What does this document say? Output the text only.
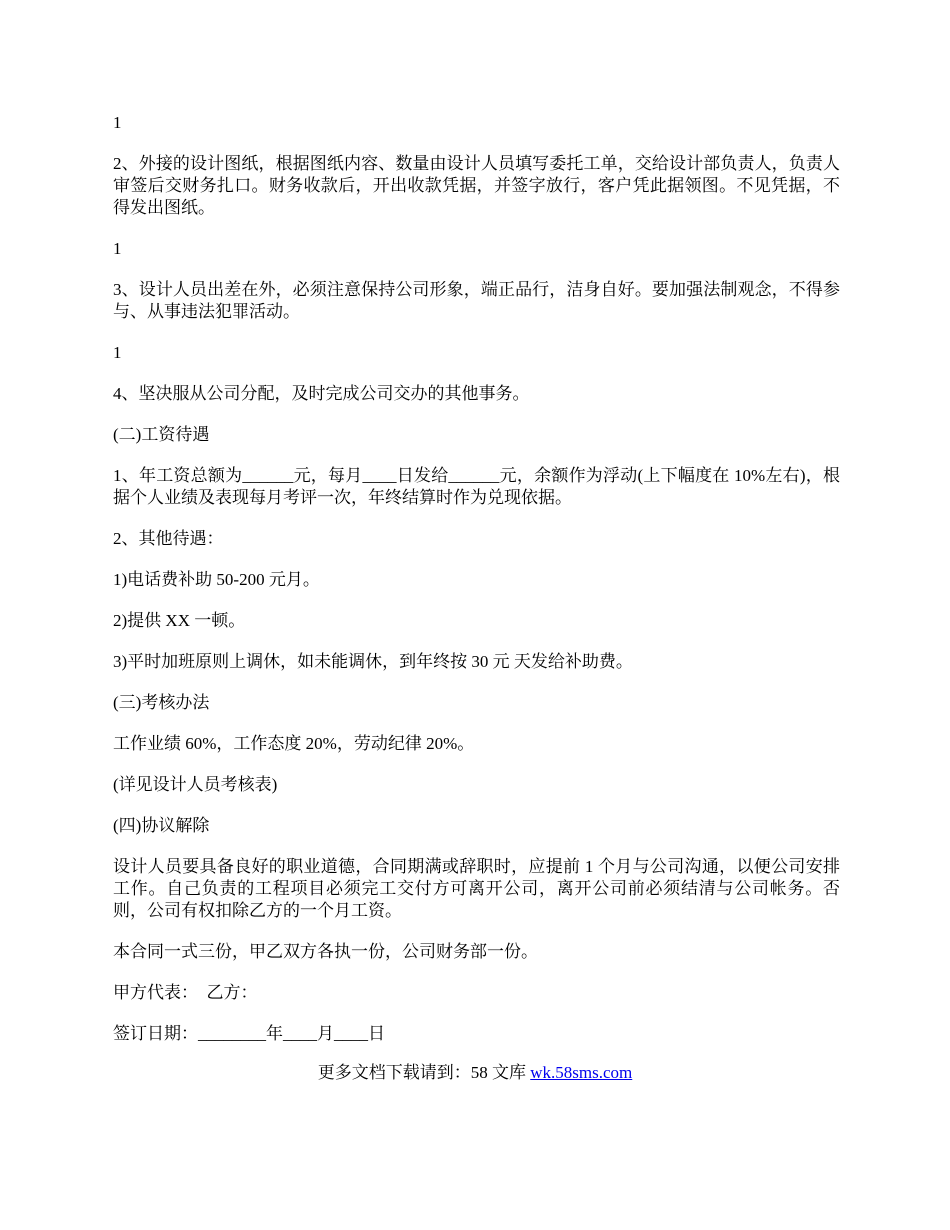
1

2、外接的设计图纸，根据图纸内容、数量由设计人员填写委托工单，交给设计部负责人，负责人审签后交财务扎口。财务收款后，开出收款凭据，并签字放行，客户凭此据领图。不见凭据，不得发出图纸。

1

3、设计人员出差在外，必须注意保持公司形象，端正品行，洁身自好。要加强法制观念，不得参与、从事违法犯罪活动。

1

4、坚决服从公司分配，及时完成公司交办的其他事务。

(二)工资待遇

1、年工资总额为______元，每月____日发给______元，余额作为浮动(上下幅度在 10%左右)，根据个人业绩及表现每月考评一次，年终结算时作为兑现依据。

2、其他待遇：

1)电话费补助 50-200 元月。

2)提供 XX 一顿。

3)平时加班原则上调休，如未能调休，到年终按 30 元 天发给补助费。

(三)考核办法

工作业绩 60%，工作态度 20%，劳动纪律 20%。

(详见设计人员考核表)

(四)协议解除

设计人员要具备良好的职业道德，合同期满或辞职时，应提前 1 个月与公司沟通，以便公司安排工作。自己负责的工程项目必须完工交付方可离开公司，离开公司前必须结清与公司帐务。否则，公司有权扣除乙方的一个月工资。

本合同一式三份，甲乙双方各执一份，公司财务部一份。

甲方代表：  乙方：

签订日期：________年____月____日

更多文档下载请到：58 文库 wk.58sms.com
